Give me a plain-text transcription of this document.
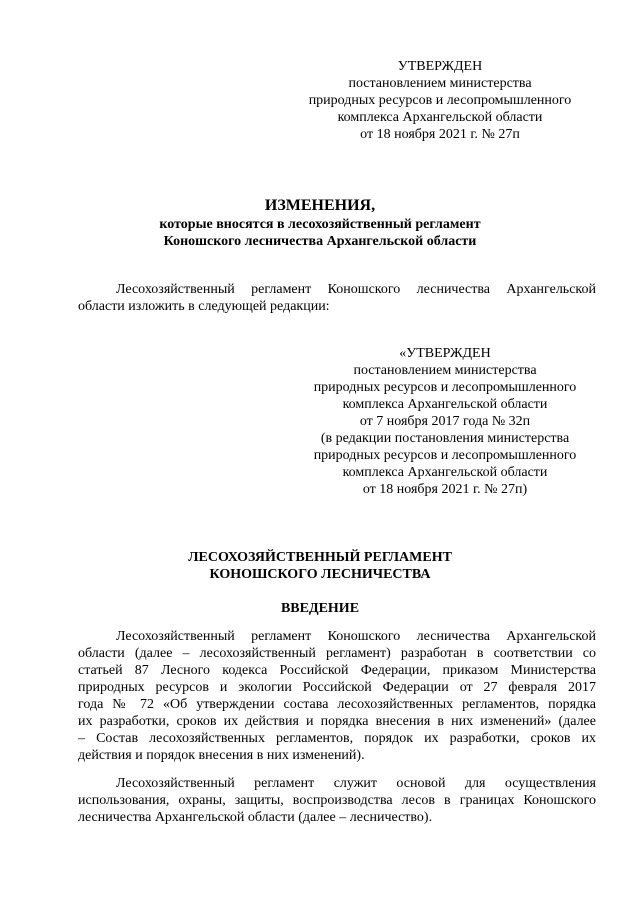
УТВЕРЖДЕН
постановлением министерства
природных ресурсов и лесопромышленного
комплекса Архангельской области
от 18 ноября 2021 г. № 27п
ИЗМЕНЕНИЯ,
которые вносятся в лесохозяйственный регламент
Коношского лесничества Архангельской области
Лесохозяйственный регламент Коношского лесничества Архангельской
области изложить в следующей редакции:
«УТВЕРЖДЕН
постановлением министерства
природных ресурсов и лесопромышленного
комплекса Архангельской области
от 7 ноября 2017 года № 32п
(в редакции постановления министерства
природных ресурсов и лесопромышленного
комплекса Архангельской области
от 18 ноября 2021 г. № 27п)
ЛЕСОХОЗЯЙСТВЕННЫЙ РЕГЛАМЕНТ
КОНОШСКОГО ЛЕСНИЧЕСТВА
ВВЕДЕНИЕ
Лесохозяйственный регламент Коношского лесничества Архангельской
области (далее – лесохозяйственный регламент) разработан в соответствии со
статьей 87 Лесного кодекса Российской Федерации, приказом Министерства
природных ресурсов и экологии Российской Федерации от 27 февраля 2017
года № 72 «Об утверждении состава лесохозяйственных регламентов, порядка
их разработки, сроков их действия и порядка внесения в них изменений» (далее
– Состав лесохозяйственных регламентов, порядок их разработки, сроков их
действия и порядок внесения в них изменений).
Лесохозяйственный регламент служит основой для осуществления
использования, охраны, защиты, воспроизводства лесов в границах Коношского
лесничества Архангельской области (далее – лесничество).
